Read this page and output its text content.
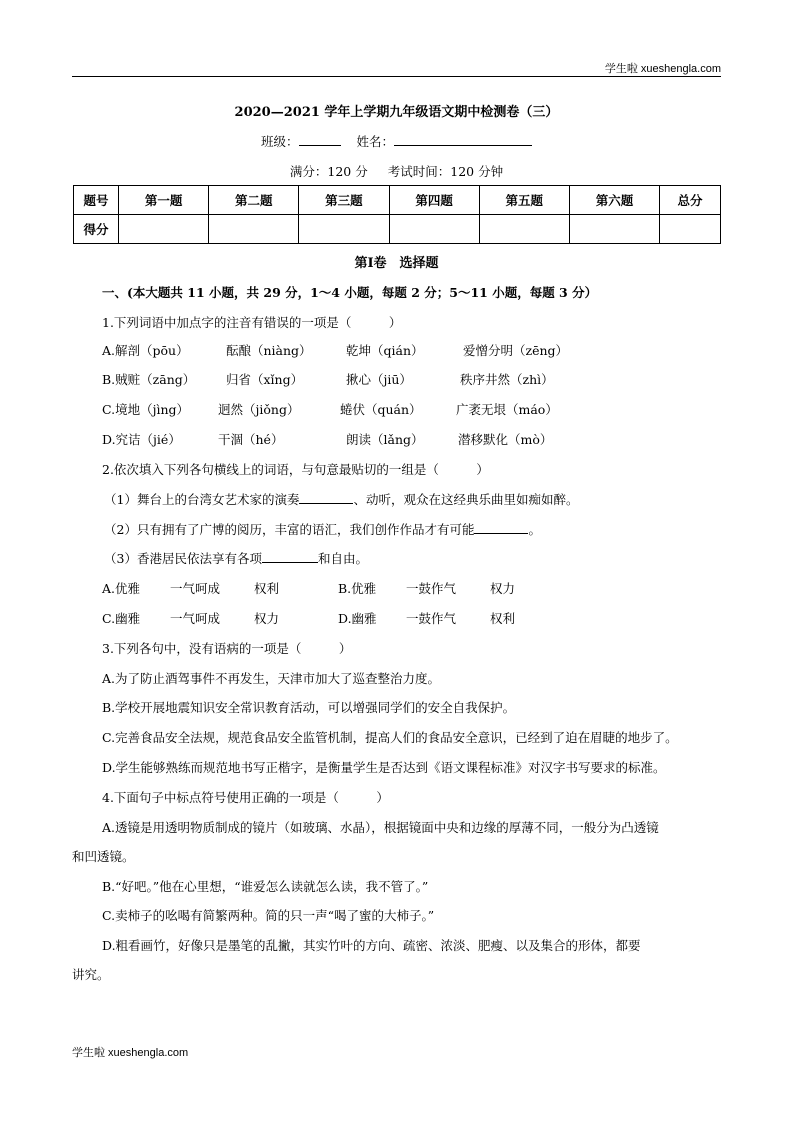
学生啦 xueshengla.com
2020—2021 学年上学期九年级语文期中检测卷（三）
班级：	姓名：
满分：120 分 考试时间：120 分钟
题号	第一题	第二题	第三题	第四题	第五题	第六题	总分
得分							
第Ⅰ卷　选择题
一、(本大题共 11 小题，共 29 分，1～4 小题，每题 2 分；5～11 小题，每题 3 分）
1.下列词语中加点字的注音有错误的一项是（　　　）
A.解剖（pōu）	酝酿（niàng）	乾坤（qián）	爱憎分明（zēng）
B.贼赃（zāng） 归省（xǐng）	揪心（jiū）	秩序井然（zhì）
C.境地（jìng） 迥然（jiǒng）	蜷伏（quán）	广袤无垠（máo）
D.究诘（jié）	干涸（hé）	朗读（lǎng）	潜移默化（mò）
2.依次填入下列各句横线上的词语，与句意最贴切的一组是（　　　）
（1）舞台上的台湾女艺术家的演奏	、动听，观众在这经典乐曲里如痴如醉。
（2）只有拥有了广博的阅历，丰富的语汇，我们创作作品才有可能	。
（3）香港居民依法享有各项	和自由。
A.优雅 一气呵成	权利	B.优雅 一鼓作气	权力
C.幽雅 一气呵成	权力	D.幽雅 一鼓作气	权利
3.下列各句中，没有语病的一项是（　　　）
A.为了防止酒驾事件不再发生，天津市加大了巡查整治力度。
B.学校开展地震知识安全常识教育活动，可以增强同学们的安全自我保护。
C.完善食品安全法规，规范食品安全监管机制，提高人们的食品安全意识，已经到了迫在眉睫的地步了。
D.学生能够熟练而规范地书写正楷字，是衡量学生是否达到《语文课程标准》对汉字书写要求的标准。
4.下面句子中标点符号使用正确的一项是（　　　）
A.透镜是用透明物质制成的镜片（如玻璃、水晶），根据镜面中央和边缘的厚薄不同，一般分为凸透镜
和凹透镜。
B.“好吧。”他在心里想，“谁爱怎么读就怎么读，我不管了。”
C.卖柿子的吆喝有简繁两种。简的只一声“喝了蜜的大柿子。”
D.粗看画竹，好像只是墨笔的乱撇，其实竹叶的方向、疏密、浓淡、肥瘦、以及集合的形体，都要
讲究。
学生啦 xueshengla.com
